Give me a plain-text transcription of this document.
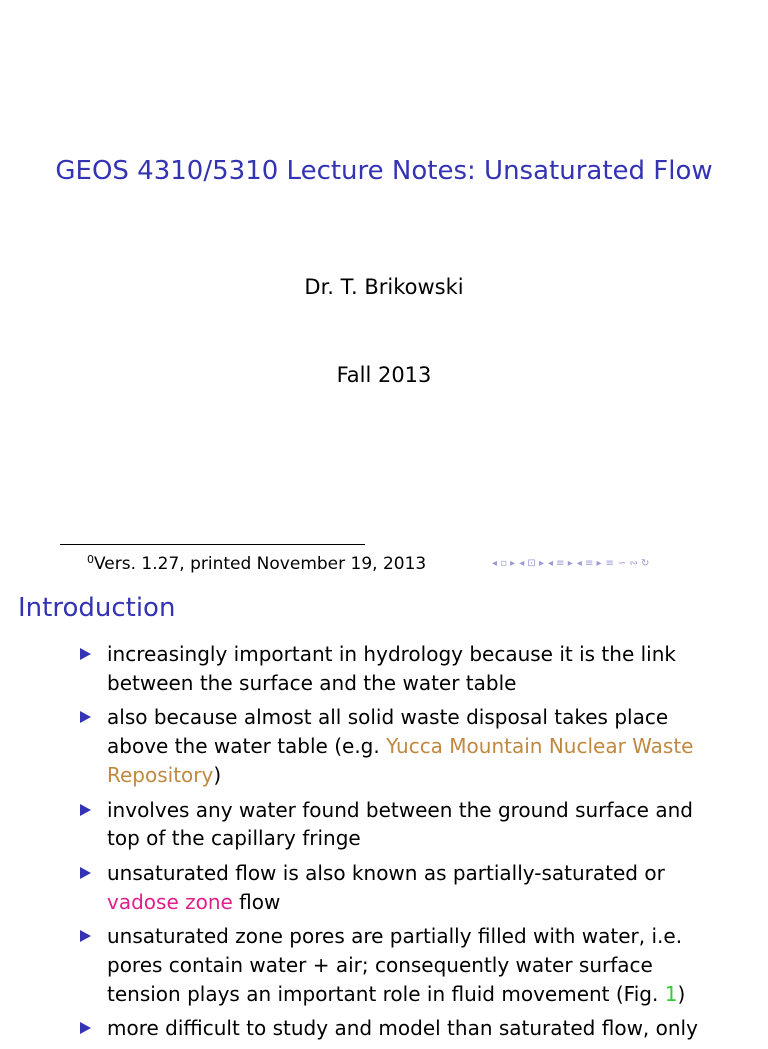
GEOS 4310/5310 Lecture Notes: Unsaturated Flow
Dr. T. Brikowski
Fall 2013
$^0$Vers. 1.27, printed November 19, 2013	◂ ▫ ▸ ◂ ⊡ ▸ ◂ ≡ ▸ ◂ ≡ ▸ ≡ ∽ ∾ ↻
Introduction
increasingly important in hydrology because it is the link between the surface and the water table
also because almost all solid waste disposal takes place above the water table (e.g. Yucca Mountain Nuclear Waste Repository)
involves any water found between the ground surface and top of the capillary fringe
unsaturated flow is also known as partially-saturated or vadose zone flow
unsaturated zone pores are partially filled with water, i.e. pores contain water + air; consequently water surface tension plays an important role in fluid movement (Fig. 1)
more difficult to study and model than saturated flow, only
